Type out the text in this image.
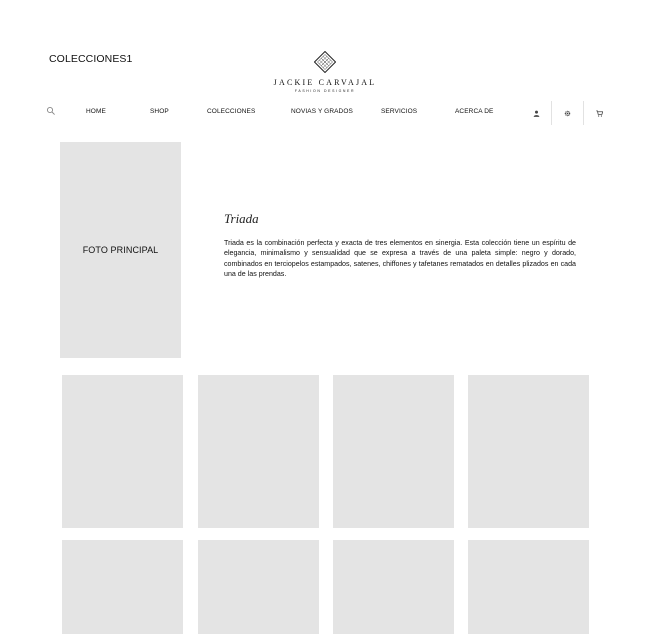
COLECCIONES1
JACKIE CARVAJAL
FASHION DESIGNER
HOME	SHOP	COLECCIONES	NOVIAS Y GRADOS	SERVICIOS	ACERCA DE
FOTO PRINCIPAL
Triada

Triada es la combinación perfecta y exacta de tres elementos en sinergia. Esta colección tiene un espíritu de elegancia, minimalismo y sensualidad que se expresa a través de una paleta simple: negro y dorado, combinados en terciopelos estampados, satenes, chiffones y tafetanes rematados en detalles plizados en cada una de las prendas.
